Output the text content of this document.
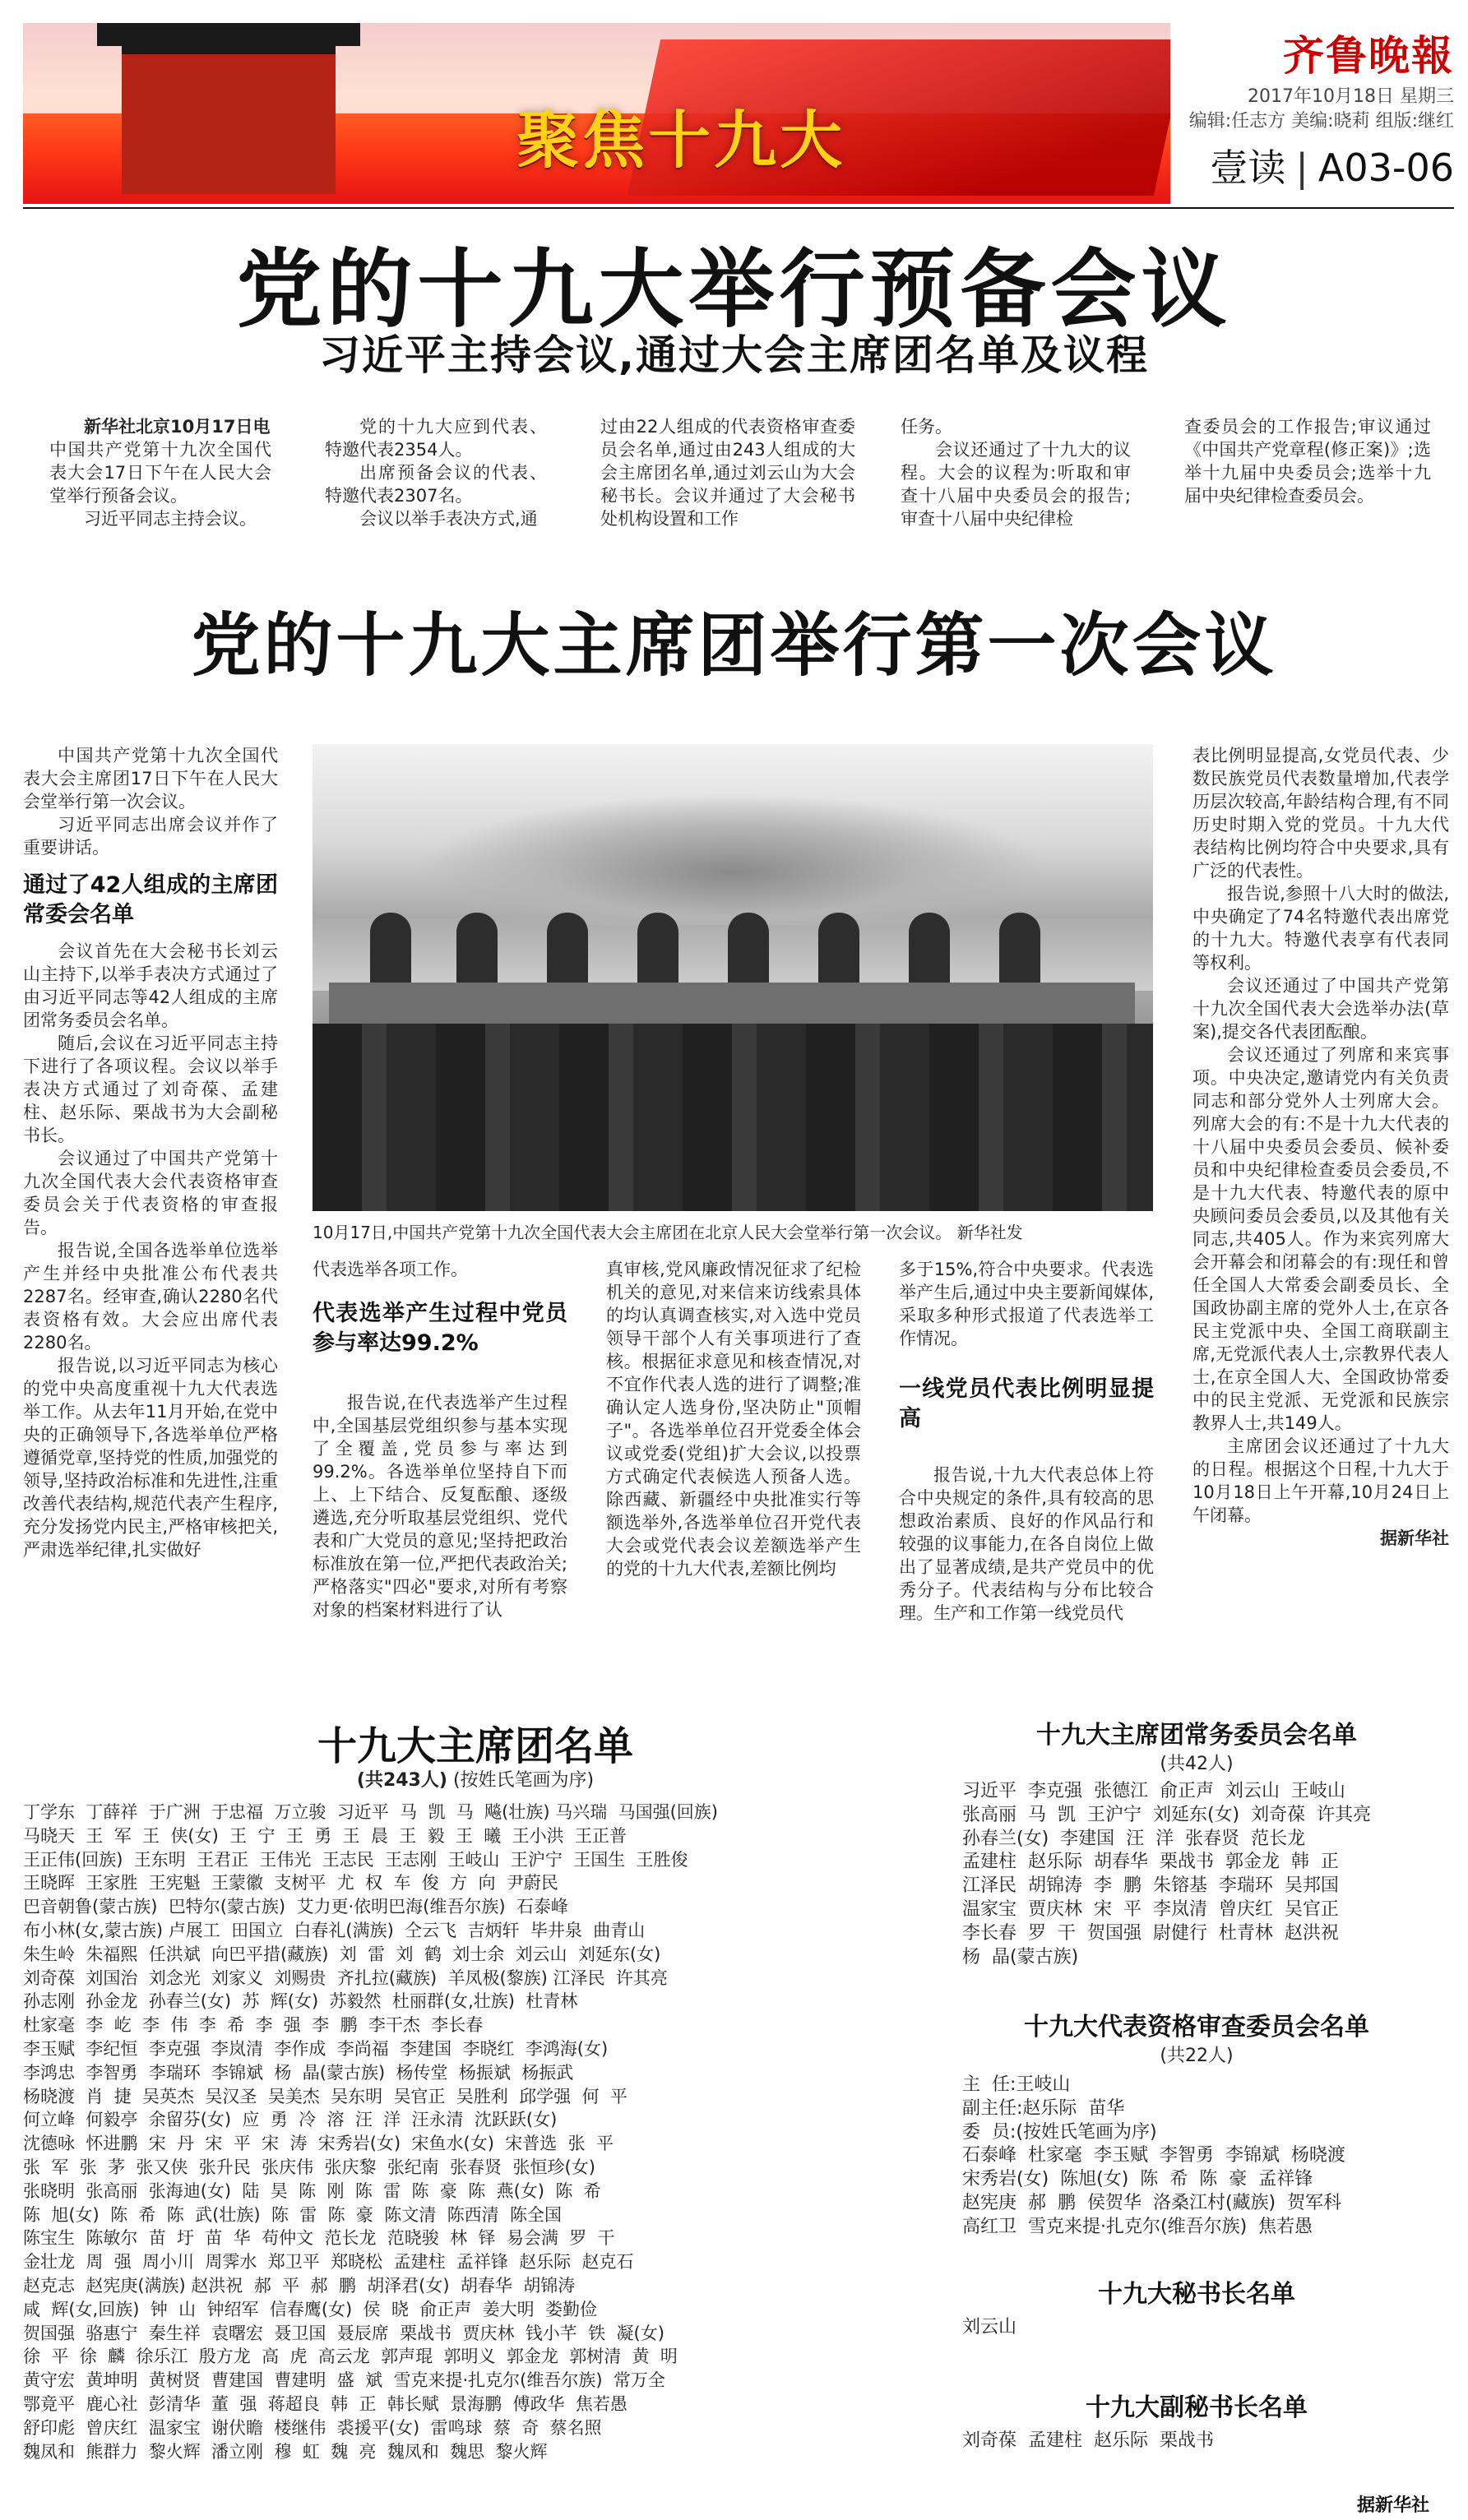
聚焦十九大
齐鲁晚報
2017年10月18日 星期三
编辑:任志方 美编:晓莉 组版:继红
壹读 | A03-06
党的十九大举行预备会议
习近平主持会议,通过大会主席团名单及议程

新华社北京10月17日电

中国共产党第十九次全国代表大会17日下午在人民大会堂举行预备会议。

习近平同志主持会议。

党的十九大应到代表、特邀代表2354人。

出席预备会议的代表、特邀代表2307名。

会议以举手表决方式,通

过由22人组成的代表资格审查委员会名单,通过由243人组成的大会主席团名单,通过刘云山为大会秘书长。会议并通过了大会秘书处机构设置和工作

任务。

会议还通过了十九大的议程。大会的议程为:听取和审查十八届中央委员会的报告;审查十八届中央纪律检

查委员会的工作报告;审议通过《中国共产党章程(修正案)》;选举十九届中央委员会;选举十九届中央纪律检查委员会。

党的十九大主席团举行第一次会议

中国共产党第十九次全国代表大会主席团17日下午在人民大会堂举行第一次会议。

习近平同志出席会议并作了重要讲话。

通过了42人组成的主席团常委会名单

会议首先在大会秘书长刘云山主持下,以举手表决方式通过了由习近平同志等42人组成的主席团常务委员会名单。

随后,会议在习近平同志主持下进行了各项议程。会议以举手表决方式通过了刘奇葆、孟建柱、赵乐际、栗战书为大会副秘书长。

会议通过了中国共产党第十九次全国代表大会代表资格审查委员会关于代表资格的审查报告。

报告说,全国各选举单位选举产生并经中央批准公布代表共2287名。经审查,确认2280名代表资格有效。大会应出席代表2280名。

报告说,以习近平同志为核心的党中央高度重视十九大代表选举工作。从去年11月开始,在党中央的正确领导下,各选举单位严格遵循党章,坚持党的性质,加强党的领导,坚持政治标准和先进性,注重改善代表结构,规范代表产生程序,充分发扬党内民主,严格审核把关,严肃选举纪律,扎实做好

10月17日,中国共产党第十九次全国代表大会主席团在北京人民大会堂举行第一次会议。 新华社发

代表选举各项工作。

代表选举产生过程中党员参与率达99.2%

报告说,在代表选举产生过程中,全国基层党组织参与基本实现了全覆盖,党员参与率达到99.2%。各选举单位坚持自下而上、上下结合、反复酝酿、逐级遴选,充分听取基层党组织、党代表和广大党员的意见;坚持把政治标准放在第一位,严把代表政治关;严格落实"四必"要求,对所有考察对象的档案材料进行了认

真审核,党风廉政情况征求了纪检机关的意见,对来信来访线索具体的均认真调查核实,对入选中党员领导干部个人有关事项进行了查核。根据征求意见和核查情况,对不宜作代表人选的进行了调整;准确认定人选身份,坚决防止"顶帽子"。各选举单位召开党委全体会议或党委(党组)扩大会议,以投票方式确定代表候选人预备人选。除西藏、新疆经中央批准实行等额选举外,各选举单位召开党代表大会或党代表会议差额选举产生的党的十九大代表,差额比例均

多于15%,符合中央要求。代表选举产生后,通过中央主要新闻媒体,采取多种形式报道了代表选举工作情况。

一线党员代表比例明显提高

报告说,十九大代表总体上符合中央规定的条件,具有较高的思想政治素质、良好的作风品行和较强的议事能力,在各自岗位上做出了显著成绩,是共产党员中的优秀分子。代表结构与分布比较合理。生产和工作第一线党员代

表比例明显提高,女党员代表、少数民族党员代表数量增加,代表学历层次较高,年龄结构合理,有不同历史时期入党的党员。十九大代表结构比例均符合中央要求,具有广泛的代表性。

报告说,参照十八大时的做法,中央确定了74名特邀代表出席党的十九大。特邀代表享有代表同等权利。

会议还通过了中国共产党第十九次全国代表大会选举办法(草案),提交各代表团酝酿。

会议还通过了列席和来宾事项。中央决定,邀请党内有关负责同志和部分党外人士列席大会。列席大会的有:不是十九大代表的十八届中央委员会委员、候补委员和中央纪律检查委员会委员,不是十九大代表、特邀代表的原中央顾问委员会委员,以及其他有关同志,共405人。作为来宾列席大会开幕会和闭幕会的有:现任和曾任全国人大常委会副委员长、全国政协副主席的党外人士,在京各民主党派中央、全国工商联副主席,无党派代表人士,宗教界代表人士,在京全国人大、全国政协常委中的民主党派、无党派和民族宗教界人士,共149人。

主席团会议还通过了十九大的日程。根据这个日程,十九大于10月18日上午开幕,10月24日上午闭幕。

据新华社

十九大主席团名单
(共243人) (按姓氏笔画为序)
丁学东  丁薛祥  于广洲  于忠福  万立骏  习近平  马  凯  马  飚(壮族) 马兴瑞  马国强(回族)
马晓天  王  军  王  侠(女)  王  宁  王  勇  王  晨  王  毅  王  曦  王小洪  王正普
王正伟(回族)  王东明  王君正  王伟光  王志民  王志刚  王岐山  王沪宁  王国生  王胜俊
王晓晖  王家胜  王宪魁  王蒙徽  支树平  尤  权  车  俊  方  向  尹蔚民
巴音朝鲁(蒙古族)  巴特尔(蒙古族)  艾力更·依明巴海(维吾尔族)  石泰峰
布小林(女,蒙古族) 卢展工  田国立  白春礼(满族)  仝云飞  吉炳轩  毕井泉  曲青山
朱生岭  朱福熙  任洪斌  向巴平措(藏族)  刘  雷  刘  鹤  刘士余  刘云山  刘延东(女)
刘奇葆  刘国治  刘念光  刘家义  刘赐贵  齐扎拉(藏族)  羊凤极(黎族) 江泽民  许其亮
孙志刚  孙金龙  孙春兰(女)  苏  辉(女)  苏毅然  杜丽群(女,壮族)  杜青林
杜家毫  李  屹  李  伟  李  希  李  强  李  鹏  李干杰  李长春
李玉赋  李纪恒  李克强  李岚清  李作成  李尚福  李建国  李晓红  李鸿海(女)
李鸿忠  李智勇  李瑞环  李锦斌  杨  晶(蒙古族)  杨传堂  杨振斌  杨振武
杨晓渡  肖  捷  吴英杰  吴汉圣  吴美杰  吴东明  吴官正  吴胜利  邱学强  何  平
何立峰  何毅亭  余留芬(女)  应  勇  冷  溶  汪  洋  汪永清  沈跃跃(女)
沈德咏  怀进鹏  宋  丹  宋  平  宋  涛  宋秀岩(女)  宋鱼水(女)  宋普选  张  平
张  军  张  茅  张又侠  张升民  张庆伟  张庆黎  张纪南  张春贤  张恒珍(女)
张晓明  张高丽  张海迪(女)  陆  昊  陈  刚  陈  雷  陈  豪  陈  燕(女)  陈  希
陈  旭(女)  陈  希  陈  武(壮族)  陈  雷  陈  豪  陈文清  陈西清  陈全国
陈宝生  陈敏尔  苗  圩  苗  华  苟仲文  范长龙  范晓骏  林  铎  易会满  罗  干
金壮龙  周  强  周小川  周霁水  郑卫平  郑晓松  孟建柱  孟祥锋  赵乐际  赵克石
赵克志  赵宪庚(满族) 赵洪祝  郝  平  郝  鹏  胡泽君(女)  胡春华  胡锦涛
咸  辉(女,回族)  钟  山  钟绍军  信春鹰(女)  侯  晓  俞正声  姜大明  娄勤俭
贺国强  骆惠宁  秦生祥  袁曙宏  聂卫国  聂辰席  栗战书  贾庆林  钱小芊  铁  凝(女)
徐  平  徐  麟  徐乐江  殷方龙  高  虎  高云龙  郭声琨  郭明义  郭金龙  郭树清  黄  明
黄守宏  黄坤明  黄树贤  曹建国  曹建明  盛  斌  雪克来提·扎克尔(维吾尔族)  常万全
鄂竟平  鹿心社  彭清华  董  强  蒋超良  韩  正  韩长赋  景海鹏  傅政华  焦若愚
舒印彪  曾庆红  温家宝  谢伏瞻  楼继伟  裘援平(女)  雷鸣球  蔡  奇  蔡名照
魏凤和  熊群力  黎火辉  潘立刚  穆  虹  魏  亮  魏凤和  魏思  黎火辉
十九大主席团常务委员会名单
(共42人)
习近平  李克强  张德江  俞正声  刘云山  王岐山
张高丽  马  凯  王沪宁  刘延东(女)  刘奇葆  许其亮
孙春兰(女)  李建国  汪  洋  张春贤  范长龙
孟建柱  赵乐际  胡春华  栗战书  郭金龙  韩  正
江泽民  胡锦涛  李  鹏  朱镕基  李瑞环  吴邦国
温家宝  贾庆林  宋  平  李岚清  曾庆红  吴官正
李长春  罗  干  贺国强  尉健行  杜青林  赵洪祝
杨  晶(蒙古族)
十九大代表资格审查委员会名单
(共22人)
主  任:王岐山
副主任:赵乐际  苗华
委  员:(按姓氏笔画为序)
石泰峰  杜家毫  李玉赋  李智勇  李锦斌  杨晓渡
宋秀岩(女)  陈旭(女)  陈  希  陈  豪  孟祥锋
赵宪庚  郝  鹏  侯贺华  洛桑江村(藏族)  贺军科
高红卫  雪克来提·扎克尔(维吾尔族)  焦若愚
十九大秘书长名单
刘云山
十九大副秘书长名单
刘奇葆  孟建柱  赵乐际  栗战书
据新华社
